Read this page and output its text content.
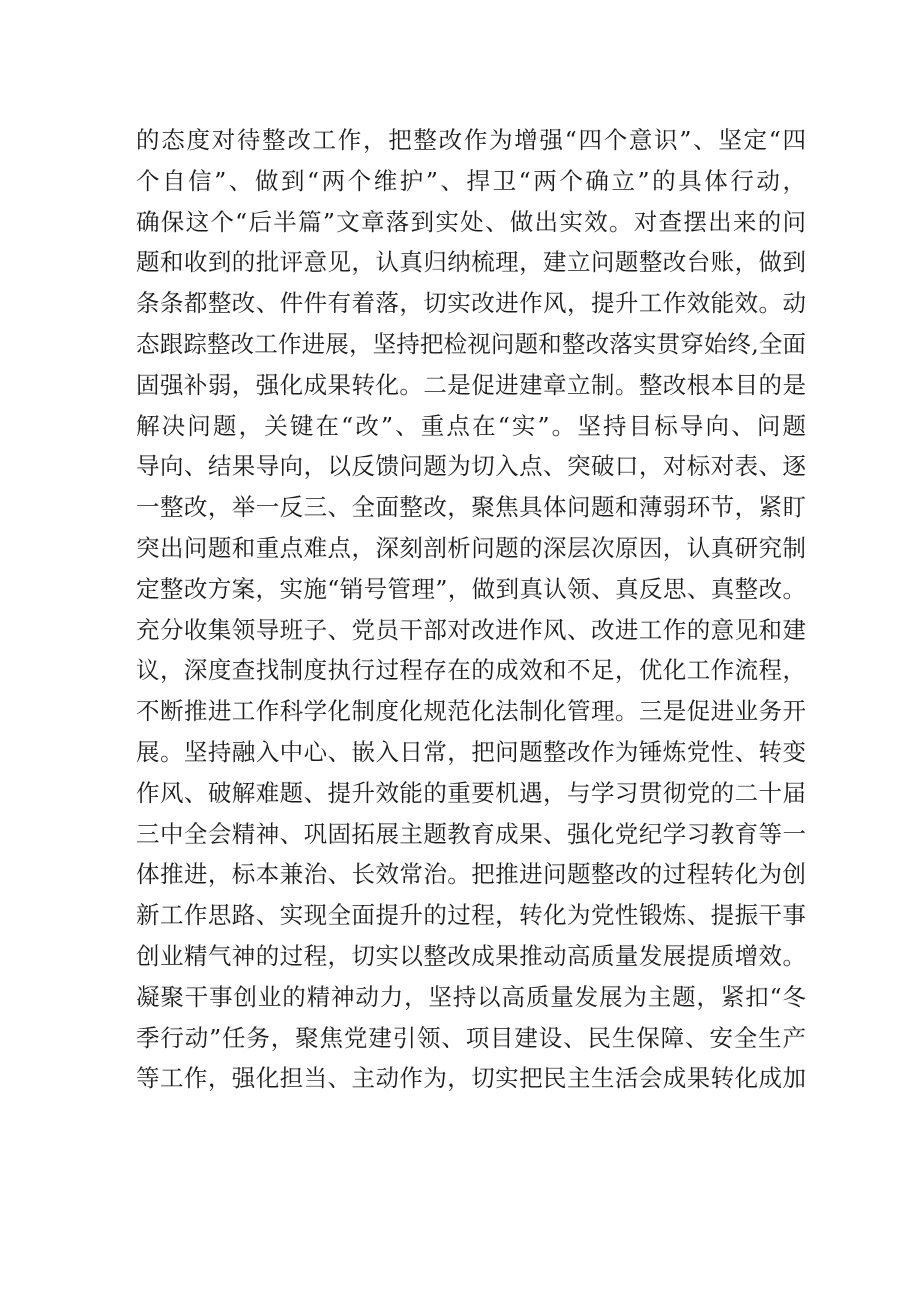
的态度对待整改工作，把整改作为增强“四个意识”、坚定“四
个自信”、做到“两个维护”、捍卫“两个确立”的具体行动，
确保这个“后半篇”文章落到实处、做出实效。对查摆出来的问
题和收到的批评意见，认真归纳梳理，建立问题整改台账，做到
条条都整改、件件有着落，切实改进作风，提升工作效能效。动
态跟踪整改工作进展，坚持把检视问题和整改落实贯穿始终,全面
固强补弱，强化成果转化。二是促进建章立制。整改根本目的是
解决问题，关键在“改”、重点在“实”。坚持目标导向、问题
导向、结果导向，以反馈问题为切入点、突破口，对标对表、逐
一整改，举一反三、全面整改，聚焦具体问题和薄弱环节，紧盯
突出问题和重点难点，深刻剖析问题的深层次原因，认真研究制
定整改方案，实施“销号管理”，做到真认领、真反思、真整改。
充分收集领导班子、党员干部对改进作风、改进工作的意见和建
议，深度查找制度执行过程存在的成效和不足，优化工作流程，
不断推进工作科学化制度化规范化法制化管理。三是促进业务开
展。坚持融入中心、嵌入日常，把问题整改作为锤炼党性、转变
作风、破解难题、提升效能的重要机遇，与学习贯彻党的二十届
三中全会精神、巩固拓展主题教育成果、强化党纪学习教育等一
体推进，标本兼治、长效常治。把推进问题整改的过程转化为创
新工作思路、实现全面提升的过程，转化为党性锻炼、提振干事
创业精气神的过程，切实以整改成果推动高质量发展提质增效。
凝聚干事创业的精神动力，坚持以高质量发展为主题，紧扣“冬
季行动”任务，聚焦党建引领、项目建设、民生保障、安全生产
等工作，强化担当、主动作为，切实把民主生活会成果转化成加
